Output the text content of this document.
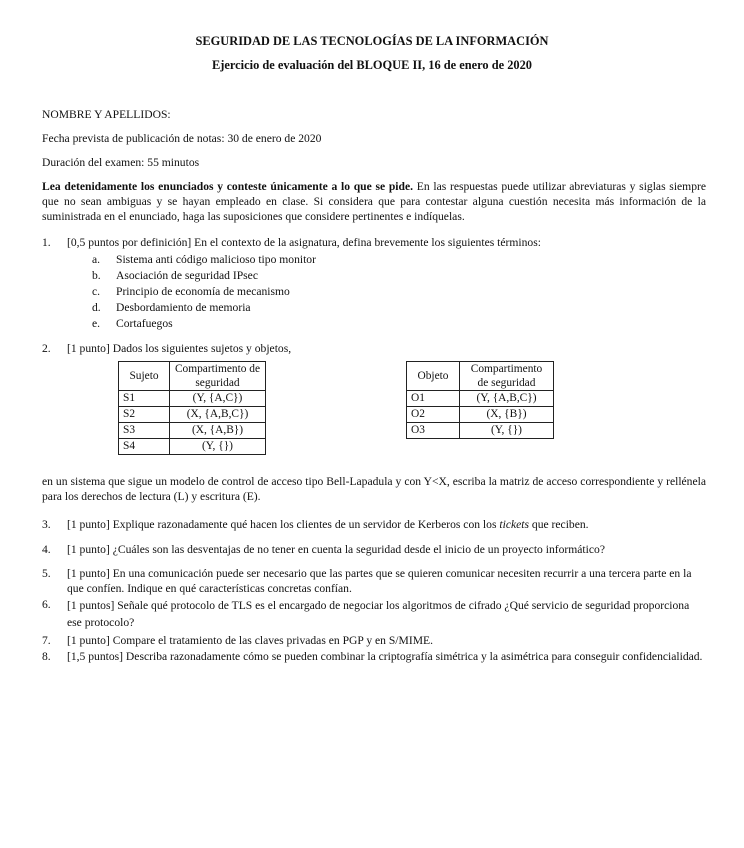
SEGURIDAD DE LAS TECNOLOGÍAS DE LA INFORMACIÓN
Ejercicio de evaluación del BLOQUE II, 16 de enero de 2020
NOMBRE Y APELLIDOS:
Fecha prevista de publicación de notas: 30 de enero de 2020
Duración del examen: 55 minutos
Lea detenidamente los enunciados y conteste únicamente a lo que se pide. En las respuestas puede utilizar abreviaturas y siglas siempre que no sean ambiguas y se hayan empleado en clase. Si considera que para contestar alguna cuestión necesita más información de la suministrada en el enunciado, haga las suposiciones que considere pertinentes e indíquelas.
1. [0,5 puntos por definición] En el contexto de la asignatura, defina brevemente los siguientes términos:
a. Sistema anti código malicioso tipo monitor
b. Asociación de seguridad IPsec
c. Principio de economía de mecanismo
d. Desbordamiento de memoria
e. Cortafuegos
2. [1 punto] Dados los siguientes sujetos y objetos,
Sujeto	Compartimento de seguridad
S1	(Y, {A,C})
S2	(X, {A,B,C})
S3	(X, {A,B})
S4	(Y, {})
Objeto	Compartimento de seguridad
O1	(Y, {A,B,C})
O2	(X, {B})
O3	(Y, {})
en un sistema que sigue un modelo de control de acceso tipo Bell-Lapadula y con Y<X, escriba la matriz de acceso correspondiente y rellénela para los derechos de lectura (L) y escritura (E).
3. [1 punto] Explique razonadamente qué hacen los clientes de un servidor de Kerberos con los tickets que reciben.
4. [1 punto] ¿Cuáles son las desventajas de no tener en cuenta la seguridad desde el inicio de un proyecto informático?
5. [1 punto] En una comunicación puede ser necesario que las partes que se quieren comunicar necesiten recurrir a una tercera parte en la que confíen. Indique en qué características concretas confían.
6. [1 puntos] Señale qué protocolo de TLS es el encargado de negociar los algoritmos de cifrado ¿Qué servicio de seguridad proporciona ese protocolo?
7. [1 punto] Compare el tratamiento de las claves privadas en PGP y en S/MIME.
8. [1,5 puntos] Describa razonadamente cómo se pueden combinar la criptografía simétrica y la asimétrica para conseguir confidencialidad.
